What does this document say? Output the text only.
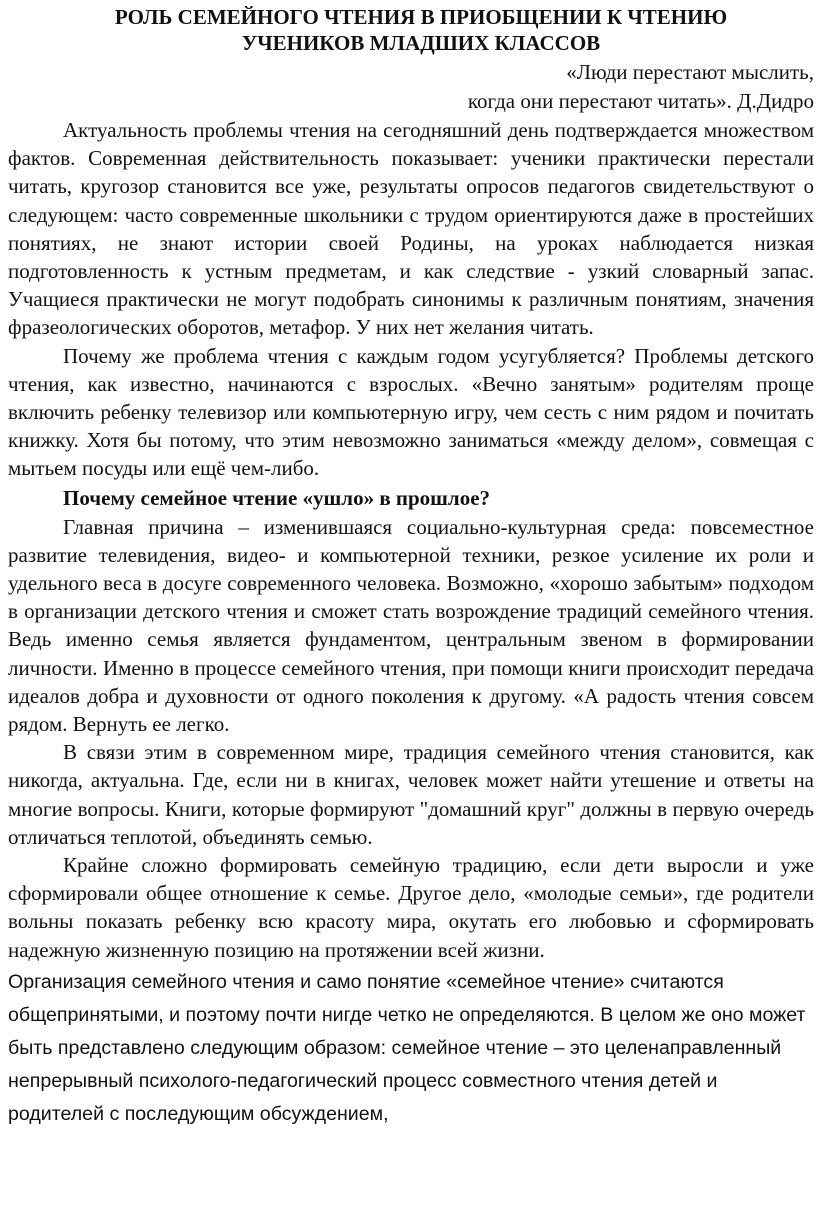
РОЛЬ СЕМЕЙНОГО ЧТЕНИЯ В ПРИОБЩЕНИИ К ЧТЕНИЮ
УЧЕНИКОВ МЛАДШИХ КЛАССОВ
«Люди перестают мыслить,
когда они перестают читать». Д.Дидро

Актуальность проблемы чтения на сегодняшний день подтверждается множеством фактов. Современная действительность показывает: ученики практически перестали читать, кругозор становится все уже, результаты опросов педагогов свидетельствуют о следующем: часто современные школьники с трудом ориентируются даже в простейших понятиях, не знают истории своей Родины, на уроках наблюдается низкая подготовленность к устным предметам, и как следствие - узкий словарный запас. Учащиеся практически не могут подобрать синонимы к различным понятиям, значения фразеологических оборотов, метафор. У них нет желания читать.

Почему же проблема чтения с каждым годом усугубляется? Проблемы детского чтения, как известно, начинаются с взрослых. «Вечно занятым» родителям проще включить ребенку телевизор или компьютерную игру, чем сесть с ним рядом и почитать книжку. Хотя бы потому, что этим невозможно заниматься «между делом», совмещая с мытьем посуды или ещё чем-либо.

Почему семейное чтение «ушло» в прошлое?

Главная причина – изменившаяся социально-культурная среда: повсеместное развитие телевидения, видео- и компьютерной техники, резкое усиление их роли и удельного веса в досуге современного человека. Возможно, «хорошо забытым» подходом в организации детского чтения и сможет стать возрождение традиций семейного чтения. Ведь именно семья является фундаментом, центральным звеном в формировании личности. Именно в процессе семейного чтения, при помощи книги происходит передача идеалов добра и духовности от одного поколения к другому. «А радость чтения совсем рядом. Вернуть ее легко.

В связи этим в современном мире, традиция семейного чтения становится, как никогда, актуальна. Где, если ни в книгах, человек может найти утешение и ответы на многие вопросы. Книги, которые формируют "домашний круг" должны в первую очередь отличаться теплотой, объединять семью.

Крайне сложно формировать семейную традицию, если дети выросли и уже сформировали общее отношение к семье. Другое дело, «молодые семьи», где родители вольны показать ребенку всю красоту мира, окутать его любовью и сформировать надежную жизненную позицию на протяжении всей жизни.

Организация семейного чтения и само понятие «семейное чтение» считаются общепринятыми, и поэтому почти нигде четко не определяются. В целом же оно может быть представлено следующим образом: семейное чтение – это целенаправленный непрерывный психолого-педагогический процесс совместного чтения детей и родителей с последующим обсуждением,
